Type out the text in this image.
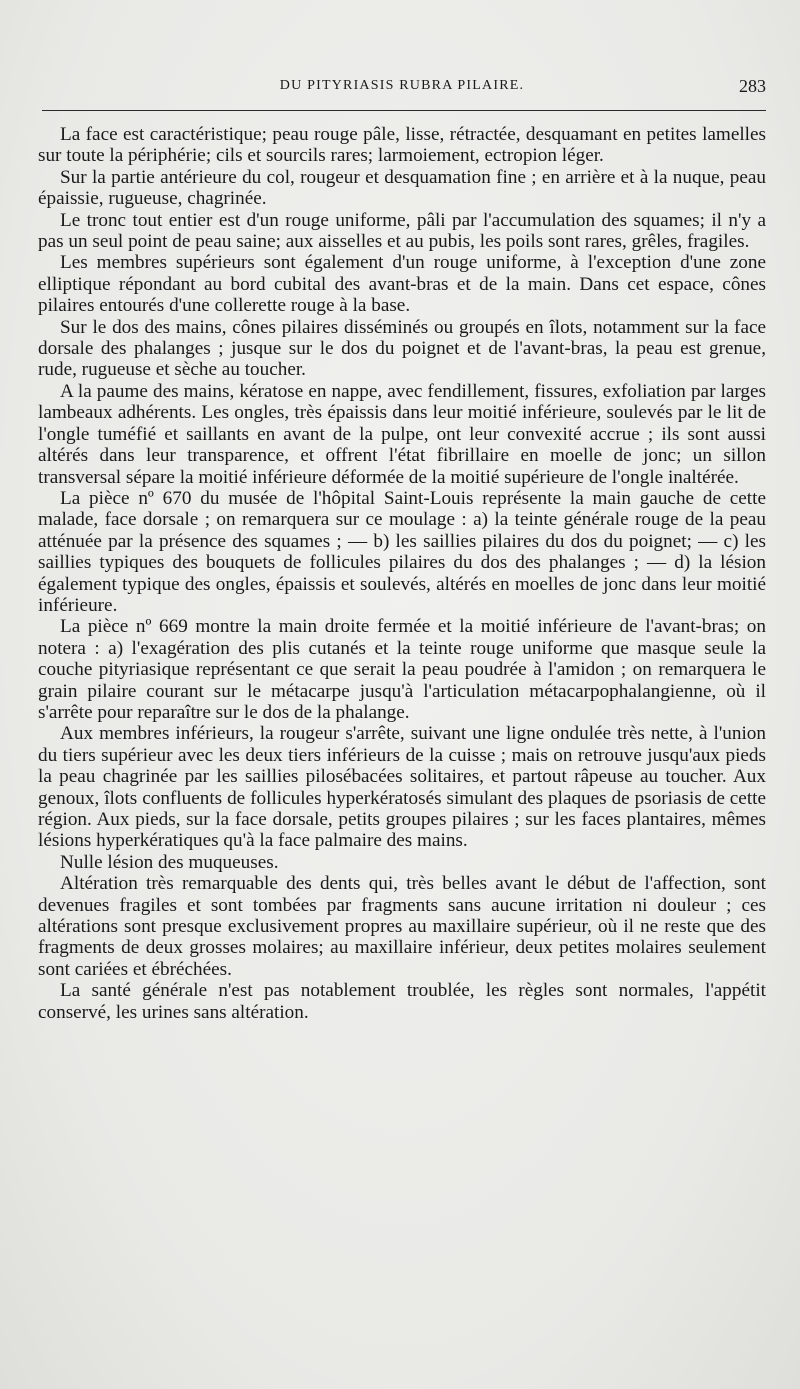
DU PITYRIASIS RUBRA PILAIRE.	283

La face est caractéristique; peau rouge pâle, lisse, rétractée, desquamant en petites lamelles sur toute la périphérie; cils et sourcils rares; larmoiement, ectropion léger.

Sur la partie antérieure du col, rougeur et desquamation fine ; en arrière et à la nuque, peau épaissie, rugueuse, chagrinée.

Le tronc tout entier est d'un rouge uniforme, pâli par l'accumulation des squames; il n'y a pas un seul point de peau saine; aux aisselles et au pubis, les poils sont rares, grêles, fragiles.

Les membres supérieurs sont également d'un rouge uniforme, à l'exception d'une zone elliptique répondant au bord cubital des avant-bras et de la main. Dans cet espace, cônes pilaires entourés d'une collerette rouge à la base.

Sur le dos des mains, cônes pilaires disséminés ou groupés en îlots, notamment sur la face dorsale des phalanges ; jusque sur le dos du poignet et de l'avant-bras, la peau est grenue, rude, rugueuse et sèche au toucher.

A la paume des mains, kératose en nappe, avec fendillement, fissures, exfoliation par larges lambeaux adhérents. Les ongles, très épaissis dans leur moitié inférieure, soulevés par le lit de l'ongle tuméfié et saillants en avant de la pulpe, ont leur convexité accrue ; ils sont aussi altérés dans leur transparence, et offrent l'état fibrillaire en moelle de jonc; un sillon transversal sépare la moitié inférieure déformée de la moitié supérieure de l'ongle inaltérée.

La pièce nº 670 du musée de l'hôpital Saint-Louis représente la main gauche de cette malade, face dorsale ; on remarquera sur ce moulage : a) la teinte générale rouge de la peau atténuée par la présence des squames ; — b) les saillies pilaires du dos du poignet; — c) les saillies typiques des bouquets de follicules pilaires du dos des phalanges ; — d) la lésion également typique des ongles, épaissis et soulevés, altérés en moelles de jonc dans leur moitié inférieure.

La pièce nº 669 montre la main droite fermée et la moitié inférieure de l'avant-bras; on notera : a) l'exagération des plis cutanés et la teinte rouge uniforme que masque seule la couche pityriasique représentant ce que serait la peau poudrée à l'amidon ; on remarquera le grain pilaire courant sur le métacarpe jusqu'à l'articulation métacarpophalangienne, où il s'arrête pour reparaître sur le dos de la phalange.

Aux membres inférieurs, la rougeur s'arrête, suivant une ligne ondulée très nette, à l'union du tiers supérieur avec les deux tiers inférieurs de la cuisse ; mais on retrouve jusqu'aux pieds la peau chagrinée par les saillies pilosébacées solitaires, et partout râpeuse au toucher. Aux genoux, îlots confluents de follicules hyperkératosés simulant des plaques de psoriasis de cette région. Aux pieds, sur la face dorsale, petits groupes pilaires ; sur les faces plantaires, mêmes lésions hyperkératiques qu'à la face palmaire des mains.

Nulle lésion des muqueuses.

Altération très remarquable des dents qui, très belles avant le début de l'affection, sont devenues fragiles et sont tombées par fragments sans aucune irritation ni douleur ; ces altérations sont presque exclusivement propres au maxillaire supérieur, où il ne reste que des fragments de deux grosses molaires; au maxillaire inférieur, deux petites molaires seulement sont cariées et ébréchées.

La santé générale n'est pas notablement troublée, les règles sont normales, l'appétit conservé, les urines sans altération.
